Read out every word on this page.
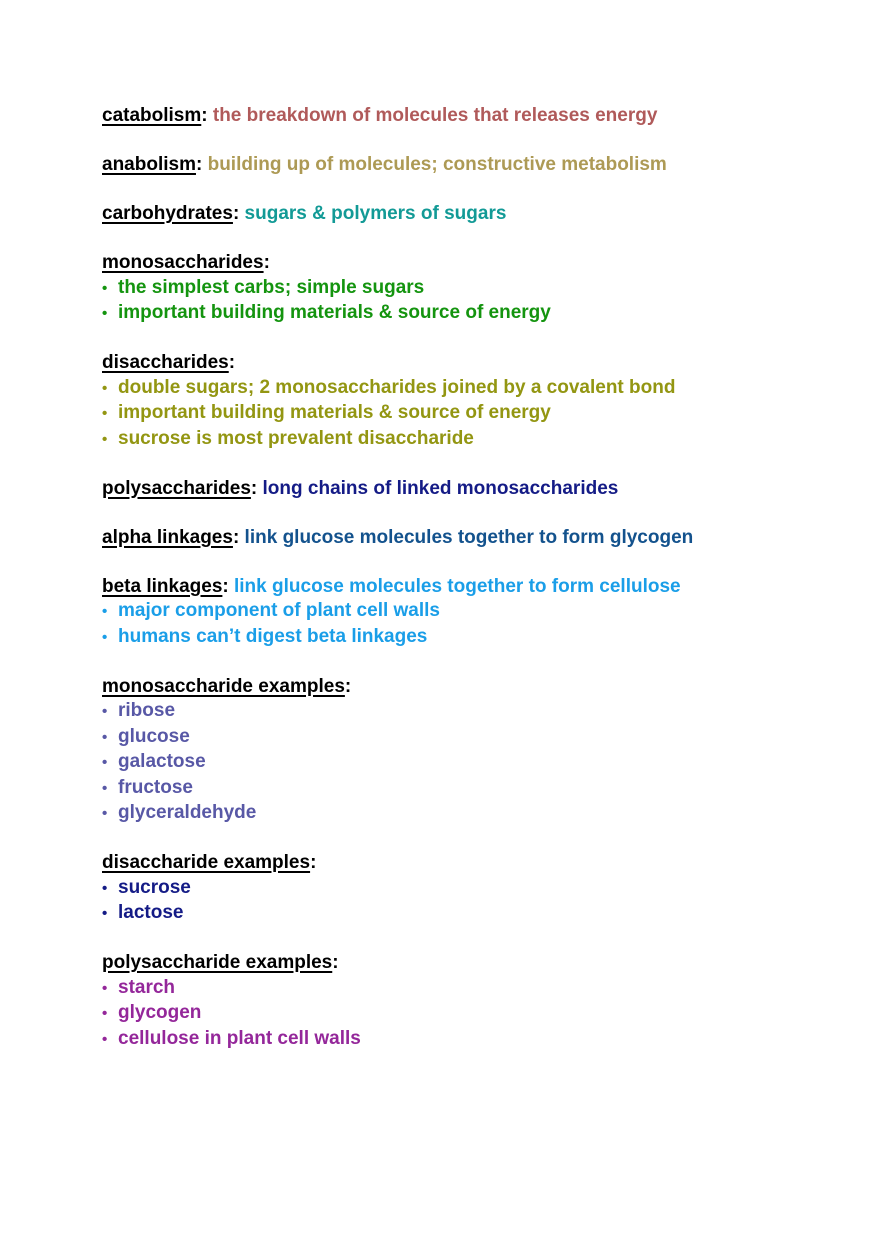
catabolism: the breakdown of molecules that releases energy
anabolism: building up of molecules; constructive metabolism
carbohydrates: sugars & polymers of sugars
monosaccharides:
• the simplest carbs; simple sugars
• important building materials & source of energy
disaccharides:
• double sugars; 2 monosaccharides joined by a covalent bond
• important building materials & source of energy
• sucrose is most prevalent disaccharide
polysaccharides: long chains of linked monosaccharides
alpha linkages: link glucose molecules together to form glycogen
beta linkages: link glucose molecules together to form cellulose
• major component of plant cell walls
• humans can’t digest beta linkages
monosaccharide examples:
• ribose
• glucose
• galactose
• fructose
• glyceraldehyde
disaccharide examples:
• sucrose
• lactose
polysaccharide examples:
• starch
• glycogen
• cellulose in plant cell walls
